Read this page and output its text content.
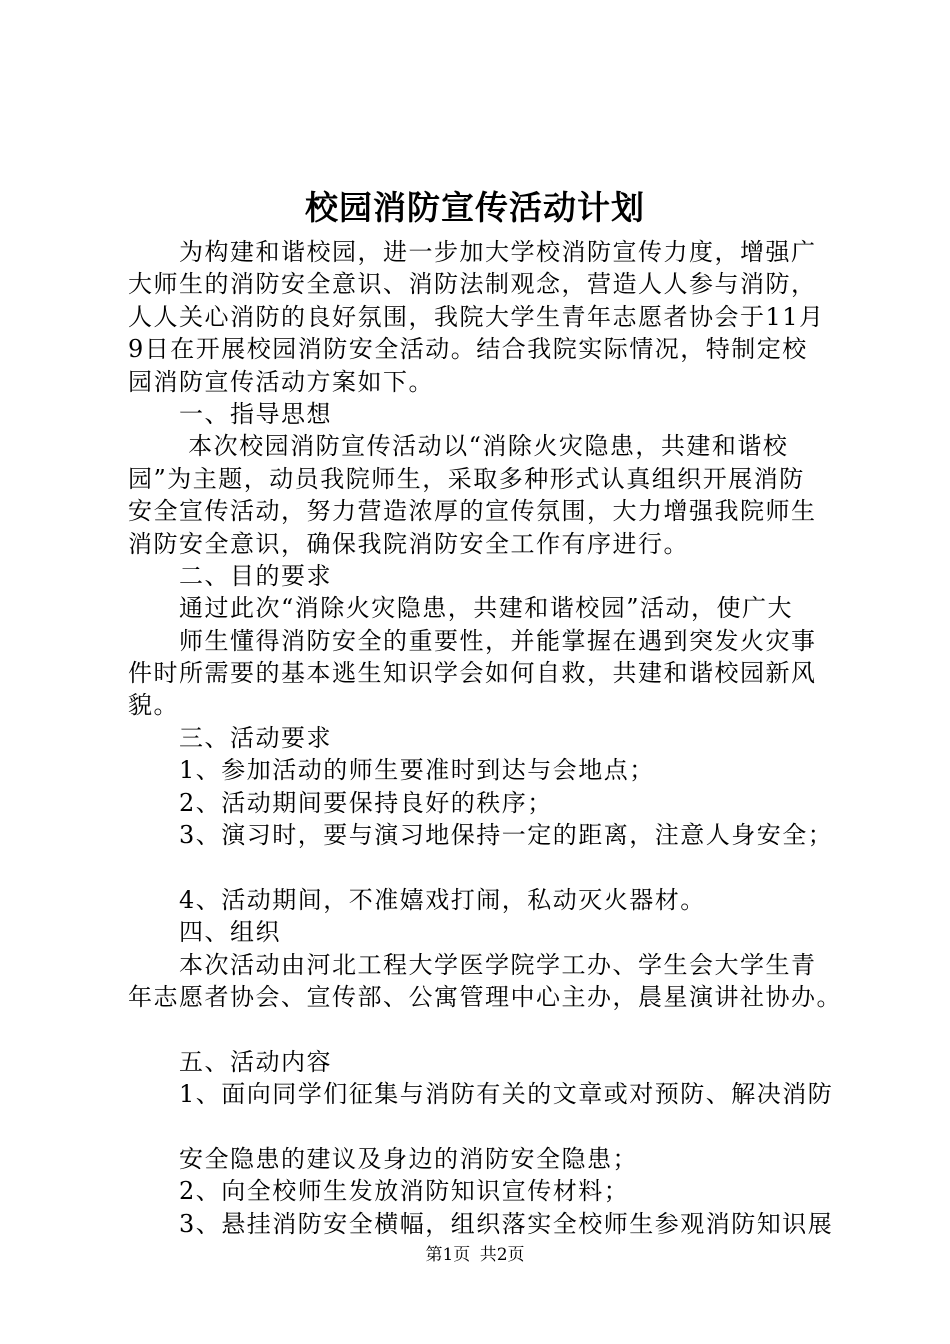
校园消防宣传活动计划
　　为构建和谐校园，进一步加大学校消防宣传力度，增强广
大师生的消防安全意识、消防法制观念，营造人人参与消防，
人人关心消防的良好氛围，我院大学生青年志愿者协会于11月
9日在开展校园消防安全活动。结合我院实际情况，特制定校
园消防宣传活动方案如下。
　　一、指导思想
　　 本次校园消防宣传活动以“消除火灾隐患，共建和谐校
园”为主题，动员我院师生，采取多种形式认真组织开展消防
安全宣传活动，努力营造浓厚的宣传氛围，大力增强我院师生
消防安全意识，确保我院消防安全工作有序进行。
　　二、目的要求
　　通过此次“消除火灾隐患，共建和谐校园”活动，使广大
　　师生懂得消防安全的重要性，并能掌握在遇到突发火灾事
件时所需要的基本逃生知识学会如何自救，共建和谐校园新风
貌。
　　三、活动要求
　　1、参加活动的师生要准时到达与会地点；
　　2、活动期间要保持良好的秩序；
　　3、演习时，要与演习地保持一定的距离，注意人身安全；
　　4、活动期间，不准嬉戏打闹，私动灭火器材。
　　四、组织
　　本次活动由河北工程大学医学院学工办、学生会大学生青
年志愿者协会、宣传部、公寓管理中心主办，晨星演讲社协办。
　　五、活动内容
　　1、面向同学们征集与消防有关的文章或对预防、解决消防
　　安全隐患的建议及身边的消防安全隐患；
　　2、向全校师生发放消防知识宣传材料；
　　3、悬挂消防安全横幅，组织落实全校师生参观消防知识展
第1页 共2页
